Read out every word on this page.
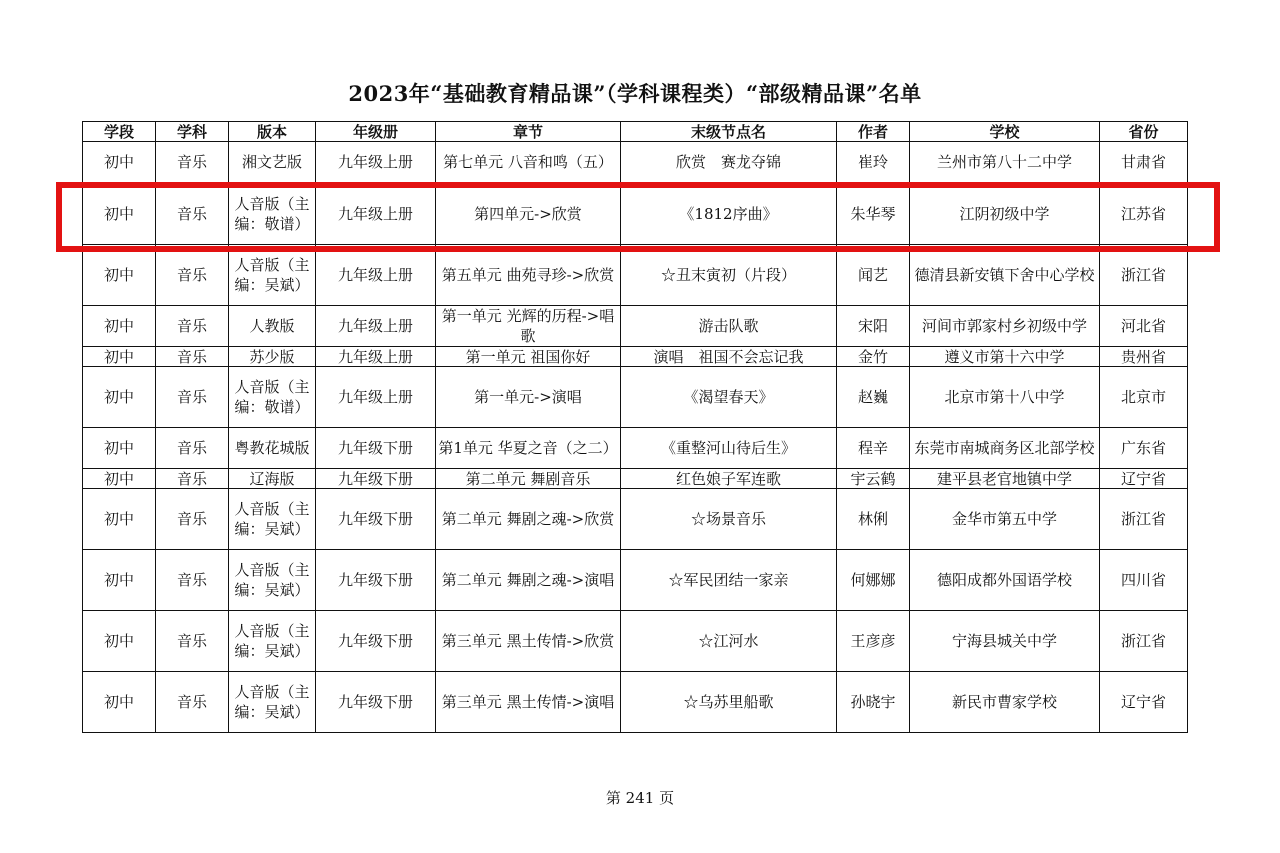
2023年“基础教育精品课”（学科课程类）“部级精品课”名单
学段	学科	版本	年级册	章节	末级节点名	作者	学校	省份

初中	音乐	湘文艺版	九年级上册	第七单元 八音和鸣（五）	欣赏　赛龙夺锦	崔玲	兰州市第八十二中学	甘肃省

初中	音乐	人音版（主编：敬谱）	九年级上册	第四单元->欣赏	《1812序曲》	朱华琴	江阴初级中学	江苏省

初中	音乐	人音版（主编：吴斌）	九年级上册	第五单元 曲苑寻珍->欣赏	☆丑末寅初（片段）	闻艺	德清县新安镇下舍中心学校	浙江省

初中	音乐	人教版	九年级上册	第一单元 光辉的历程->唱歌	游击队歌	宋阳	河间市郭家村乡初级中学	河北省

初中	音乐	苏少版	九年级上册	第一单元 祖国你好	演唱　祖国不会忘记我	金竹	遵义市第十六中学	贵州省

初中	音乐	人音版（主编：敬谱）	九年级上册	第一单元->演唱	《渴望春天》	赵巍	北京市第十八中学	北京市

初中	音乐	粤教花城版	九年级下册	第1单元 华夏之音（之二）	《重整河山待后生》	程辛	东莞市南城商务区北部学校	广东省

初中	音乐	辽海版	九年级下册	第二单元 舞剧音乐	红色娘子军连歌	宇云鹤	建平县老官地镇中学	辽宁省

初中	音乐	人音版（主编：吴斌）	九年级下册	第二单元 舞剧之魂->欣赏	☆场景音乐	林俐	金华市第五中学	浙江省

初中	音乐	人音版（主编：吴斌）	九年级下册	第二单元 舞剧之魂->演唱	☆军民团结一家亲	何娜娜	德阳成都外国语学校	四川省

初中	音乐	人音版（主编：吴斌）	九年级下册	第三单元 黑土传情->欣赏	☆江河水	王彦彦	宁海县城关中学	浙江省

初中	音乐	人音版（主编：吴斌）	九年级下册	第三单元 黑土传情->演唱	☆乌苏里船歌	孙晓宇	新民市曹家学校	辽宁省
第 241 页
